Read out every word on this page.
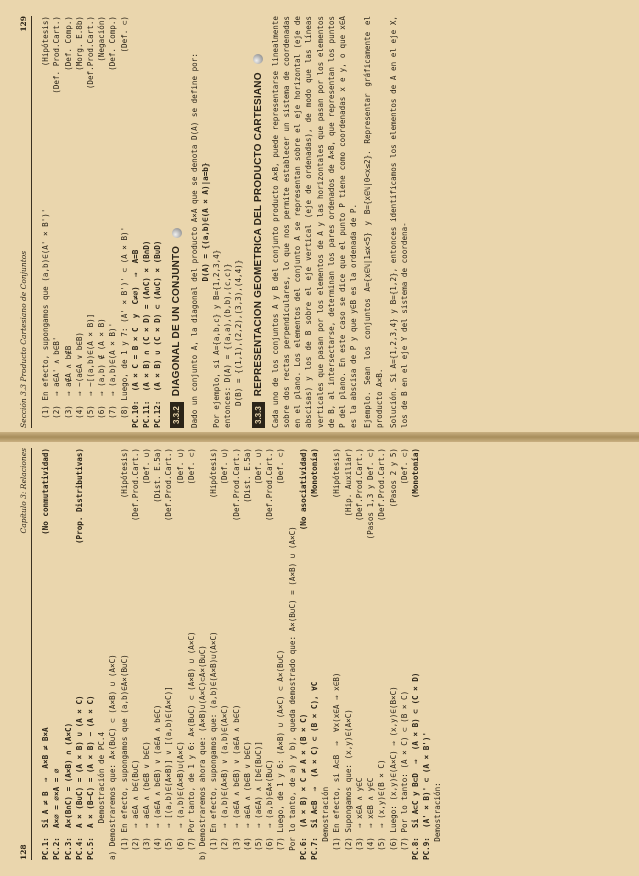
128
Capítulo 3: Relaciones
PC.1:  Si A ≠ B  ⇒  A×B ≠ B×A
(No conmutatividad)
PC.2:  A×∅ = ∅×A = ∅ PC.3:  A×(B∩C) = (A×B) ∩ (A×C) PC.4:  A × (B∪C) = (A × B) ∪ (A × C)
(Prop. Distributivas)
PC.5:  A × (B−C) = (A × B) − (A × C) Demostración de PC.4 a) Demostraremos que: A×(B∪C) ⊂ (A×B) ∪ (A×C) (1) En efecto, supongamos que (a,b)∈A×(B∪C)
(Hipótesis)
(2)  ⇒ a∈A ∧ b∈(B∪C)
(Def.Prod.Cart.)
(3)  ⇒ a∈A ∧ (b∈B ∨ b∈C)
(Def. ∪)
(4)  ⇒ (a∈A ∧ b∈B) ∨ (a∈A ∧ b∈C)
(Dist. E.5a)
(5)  ⇒ [(a,b)∈(A×B)] ∨ [(a,b)∈(A×C)]
(Def.Prod.Cart.)
(6)  ⇒ (a,b)∈(A×B)∪(A×C)
(Def. ∪)
(7) Por tanto, de 1 y 6: A×(B∪C) ⊂ (A×B) ∪ (A×C)
(Def. ⊂)
b) Demostraremos ahora que: (A×B)∪(A×C)⊂A×(B∪C) (1) En efecto, supongamos que: (a,b)∈(A×B)∪(A×C)
(Hipótesis)
(2)  ⇒ (a,b)∈(A×B) ∨ (a,b)∈(A×C)
(Def. ∪)
(3)  ⇒ (a∈A ∧ b∈B) ∨ (a∈A ∧ b∈C)
(Def.Prod.Cart.)
(4)  ⇒ a∈A ∧ (b∈B ∨ b∈C)
(Dist. E.5a)
(5)  ⇒ (a∈A) ∧ [b∈(B∪C)]
(Def. ∪)
(6)  ⇒ (a,b)∈A×(B∪C)
(Def.Prod.Cart.)
(7) Luego, de 1 y 6: (A×B) ∪ (A×C) ⊂ A×(B∪C)
(Def. ⊂)
Por lo tanto, de a) y b), queda demostrado que: A×(B∪C) = (A×B) ∪ (A×C) PC.6:  (A × B) × C ≠ A × (B × C)
(No asociatividad)
PC.7:  Si A⊂B  ⇒  (A × C) ⊂ (B × C), ∀C
(Monotonía)
Demostración (1) En efecto, si A⊂B  ⇒  ∀x(x∈A ⇒ x∈B)
(Hipótesis)
(2) Supongamos que: (x,y)∈(A×C)
(Hip. Auxiliar)
(3)  ⇒ x∈A ∧ y∈C
(Def.Prod.Cart.)
(4)  ⇒ x∈B ∧ y∈C
(Pasos 1,3 y Def. ⊂)
(5)  ⇒ (x,y)∈(B × C)
(Def.Prod.Cart.)
(6) Luego: (x,y)∈(A×C) ⇒ (x,y)∈(B×C)
(Pasos 2 y 5)
(7) Por lo tanto: (A × C) ⊂ (B × C)
(Def. ⊂)
PC.8:  Si A⊂C y B⊂D  ⇒  (A × B) ⊂ (C × D)
(Monotonía)
PC.9:  (A' × B)' ⊂ (A × B')' Demostración:
Sección 3.3 Producto Cartesiano de Conjuntos
129
(1) En efecto, supongamos que (a,b)∈(A' × B')'
(Hipótesis)
(2)  ⇒ a∈A' ∧ b∈B'
(Def. Prod.Cart.)
(3)  ⇒ a∉A ∧ b∉B
(Def. Comp.)
(4)  ⇒ ~(a∈A ∨ b∈B)
(Morg. E.8b)
(5)  ⇒ ~[(a,b)∈(A × B)]
(Def.Prod.Cart.)
(6)  ⇒ (a,b) ∉ (A × B)
(Negación)
(7)  ⇒ (a,b)∈(A × B)'
(Def. Comp.)
(8) Luego, de 1 y 7: (A' × B')' ⊂ (A × B)'
(Def. ⊂)
PC.10:  (A × C = B × C  y  C≠∅)  ⇒  A=B PC.11:  (A × B) ∩ (C × D) = (A∩C) × (B∩D) PC.12:  (A × B) ∪ (C × D) ⊂ (A∪C) × (B∪D) 3.3.2
DIAGONAL DE UN CONJUNTO Dado un conjunto A, la diagonal del producto A×A que se denota D(A) se define por: D(A) = {(a,b)∈(A × A)|a=b}
Por ejemplo, si A={a,b,c} y B={1,2,3,4} entonces: D(A) = {(a,a),(b,b),(c,c)} D(B) = {(1,1),(2,2),(3,3),(4,4)}
3.3.3
REPRESENTACION GEOMETRICA DEL PRODUCTO CARTESIANO Cada uno de los conjuntos A y B del conjunto producto A×B, puede representarse linealmente sobre dos rectas perpendiculares, lo que nos permite establecer un sistema de coordenadas en el plano. Los elementos del conjunto A se representan sobre el eje horizontal (eje de abscisas) y los de B sobre el eje vertical (eje de ordenadas), de modo que las líneas verticales que pasan por los elementos de A y las horizontales que pasan por los elementos de B, al intersectarse, determinan los pares ordenados de A×B, que representan los puntos P del plano. En este caso se dice que el punto P tiene como coordenadas x e y, o que x∈A es la abscisa de P y que y∈B es la ordenada de P. Ejemplo. Sean los conjuntos A={x∈ℕ|1≤x<5} y B={x∈ℕ|0<x≤2}. Representar gráficamente el producto A×B. Solución. Si A={1,2,3,4} y B={1,2}, entonces identificamos los elementos de A en el eje X, los de B en el eje Y del sistema de coordena-
